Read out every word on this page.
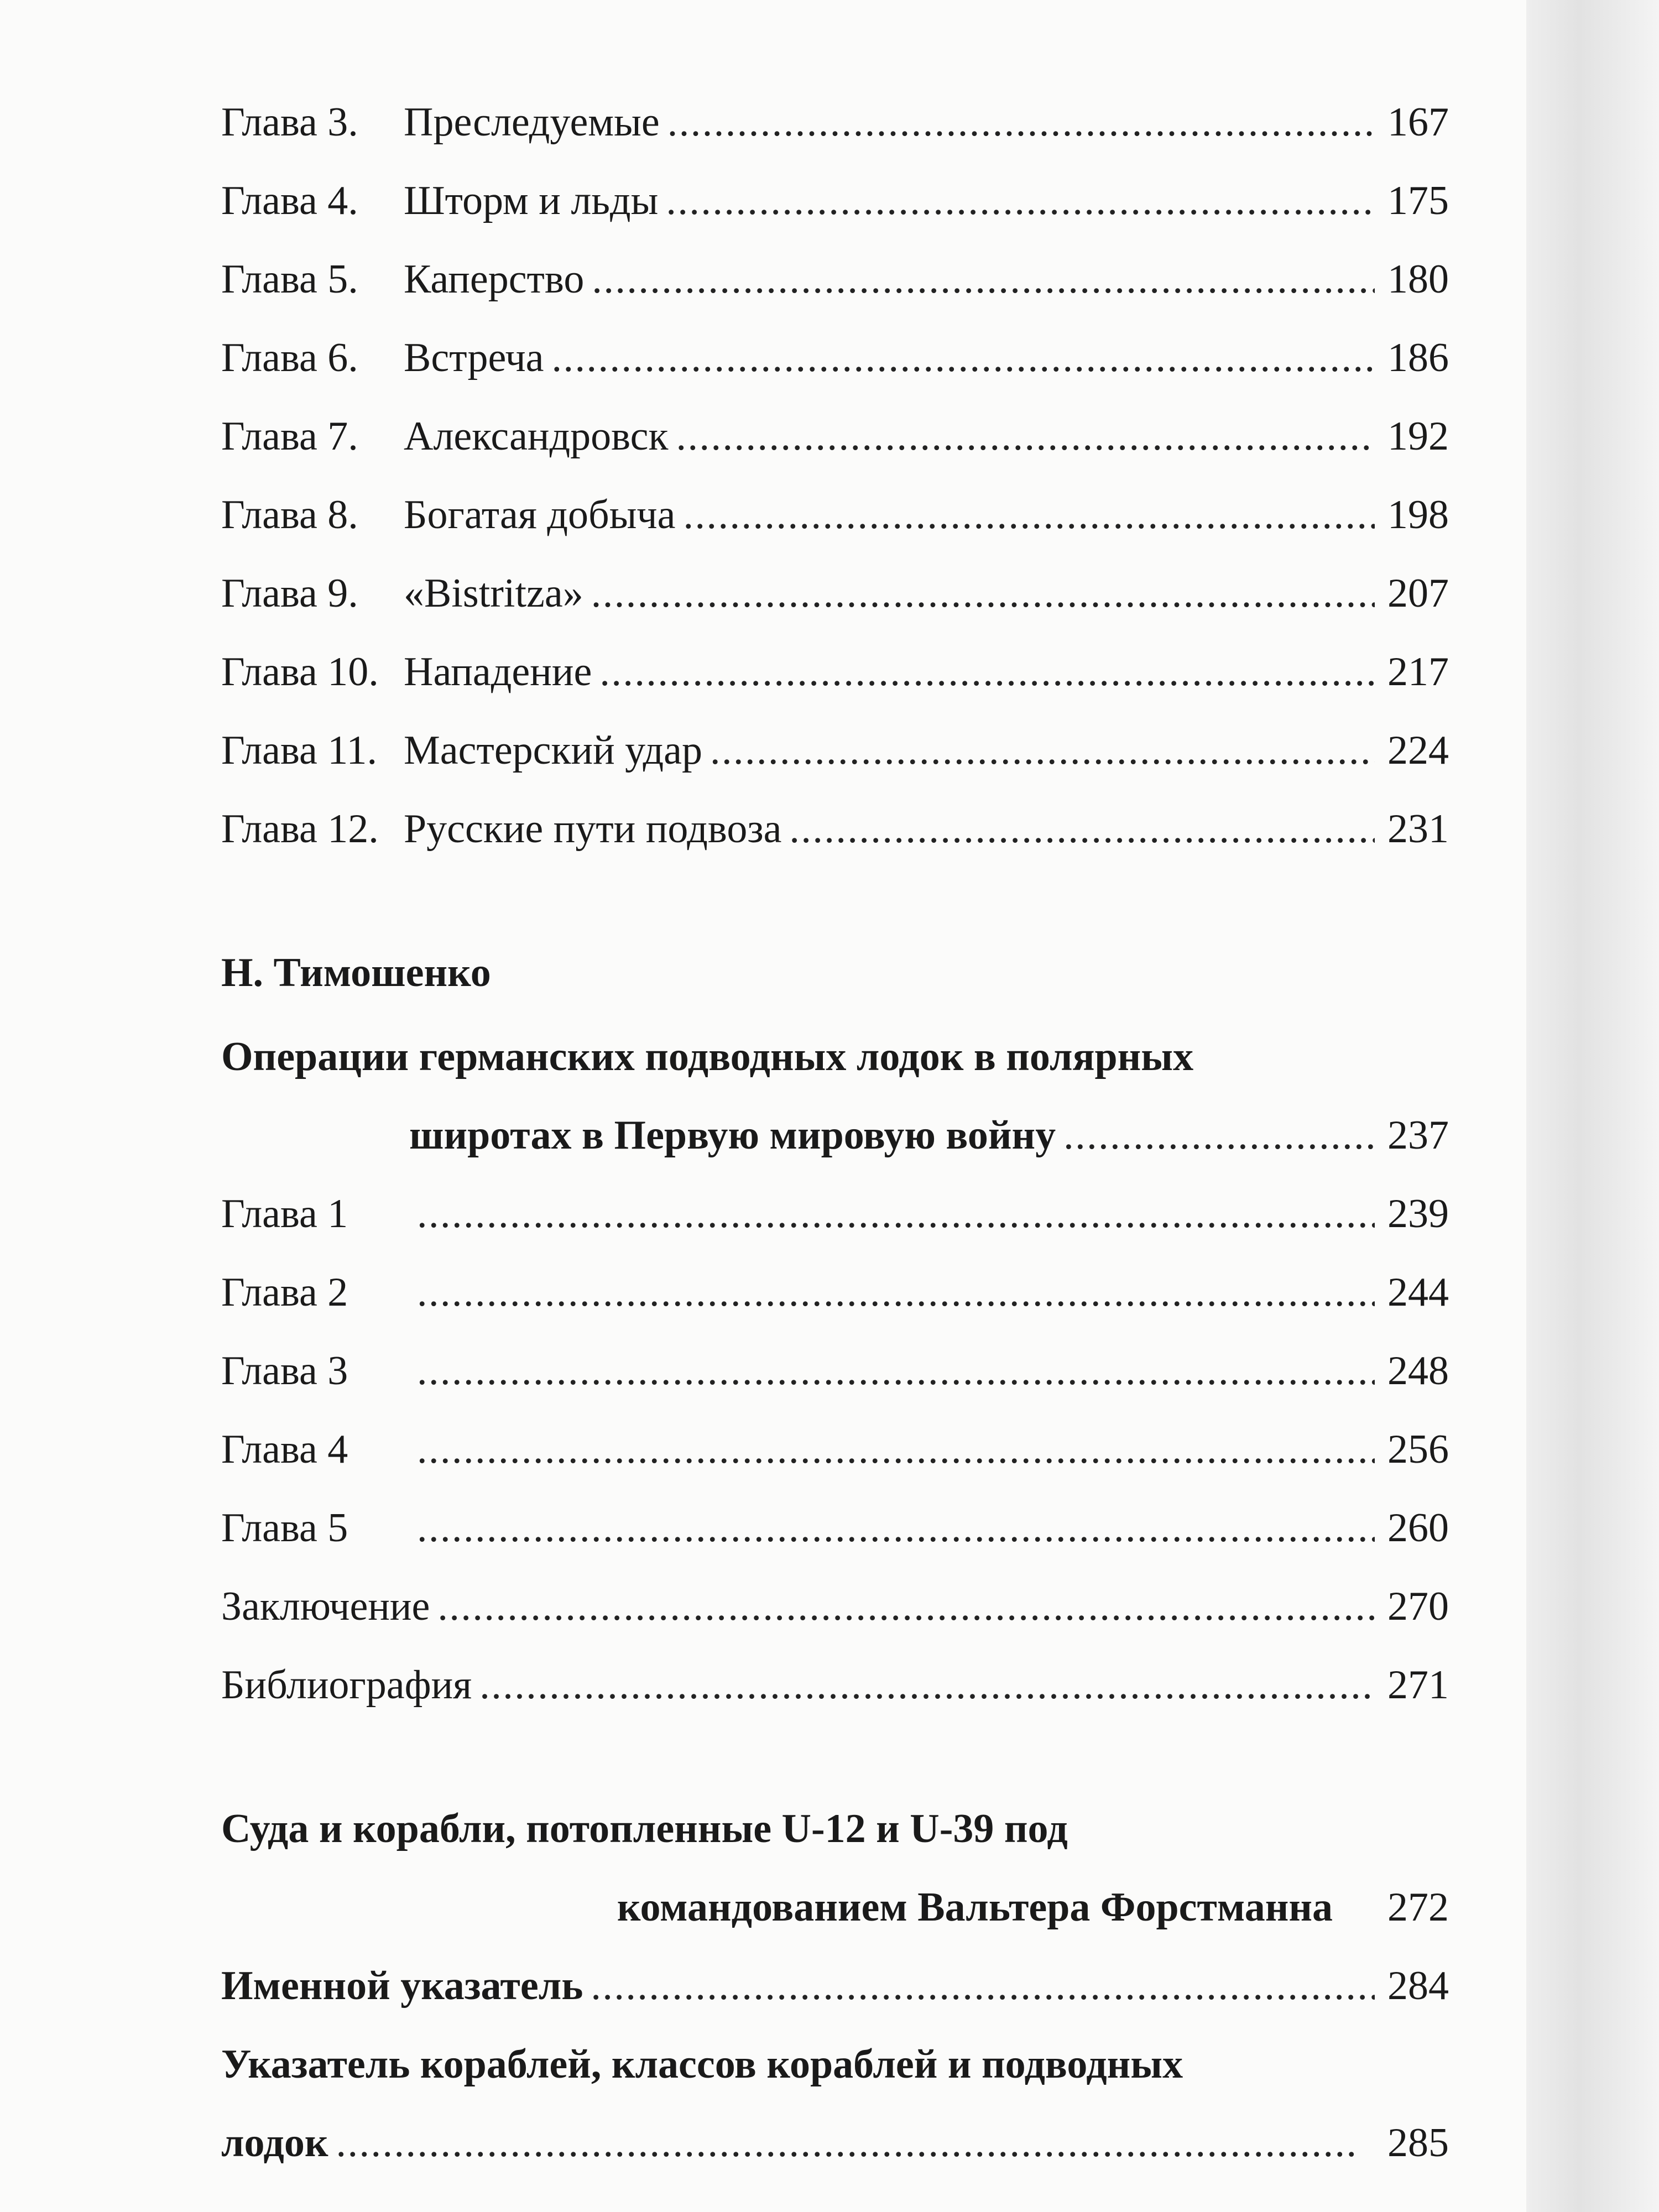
Глава 3.	Преследуемые . . .	167
Глава 4.	Шторм и льды . . .	175
Глава 5.	Каперство . . .	180
Глава 6.	Встреча . . .	186
Глава 7.	Александровск . . .	192
Глава 8.	Богатая добыча . . .	198
Глава 9.	«Bistritza» . . .	207
Глава 10. Нападение . . .	217
Глава 11. Мастерский удар . . .	224
Глава 12. Русские пути подвоза . . .	231
Н. Тимошенко
Операции германских подводных лодок в полярных
широтах в Первую мировую войну . . .	237
Глава 1 . . .	239
Глава 2 . . .	244
Глава 3 . . .	248
Глава 4 . . .	256
Глава 5 . . .	260
Заключение . . .	270
Библиография . . .	271
Суда и корабли, потопленные U-12 и U-39 под
командованием Вальтера Форстманна 272
Именной указатель . . .	284
Указатель кораблей, классов кораблей и подводных
лодок . . .	285
